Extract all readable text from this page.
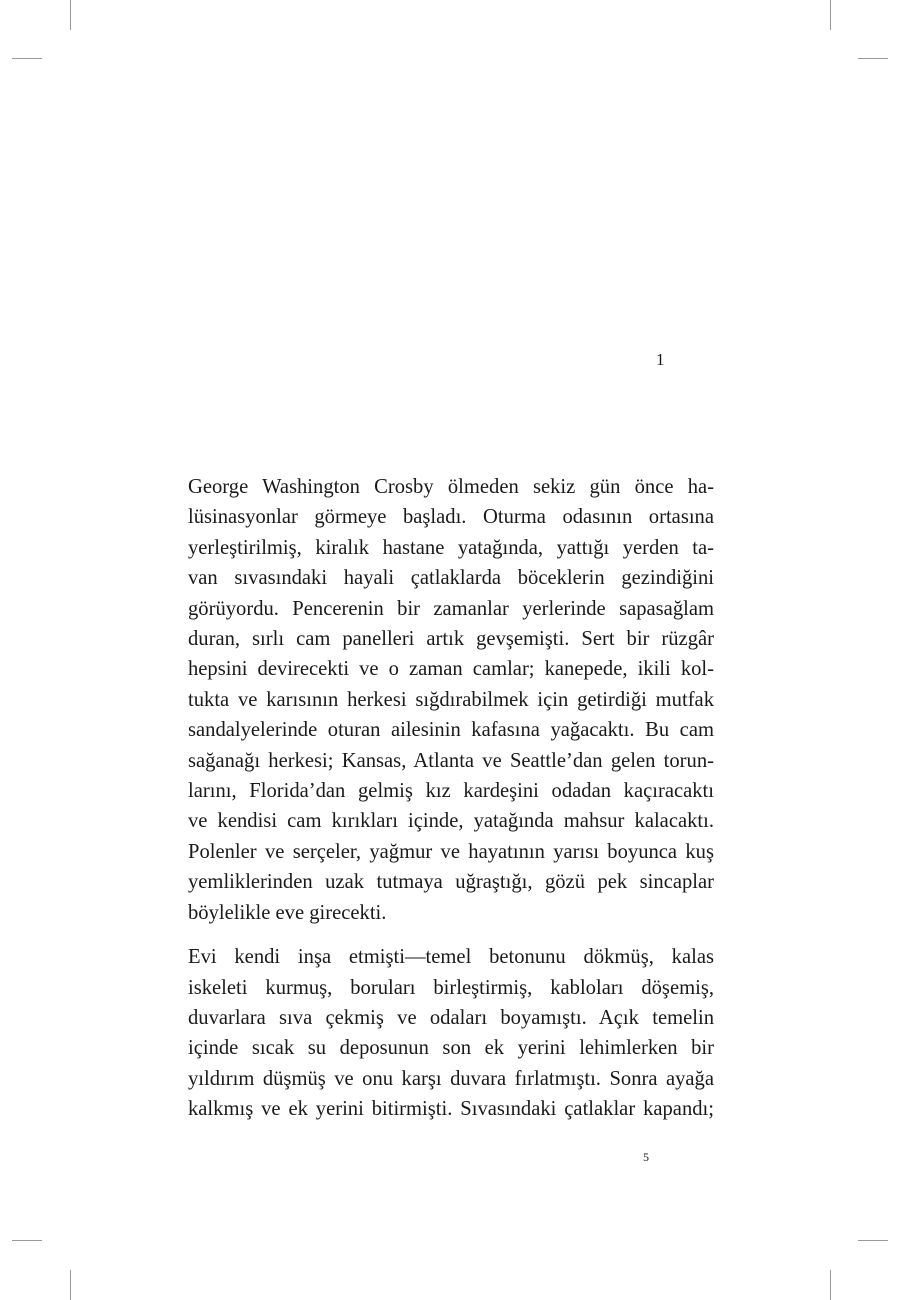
1

George Washington Crosby ölmeden sekiz gün önce ha-
lüsinasyonlar görmeye başladı. Oturma odasının ortasına
yerleştirilmiş, kiralık hastane yatağında, yattığı yerden ta-
van sıvasındaki hayali çatlaklarda böceklerin gezindiğini
görüyordu. Pencerenin bir zamanlar yerlerinde sapasağlam
duran, sırlı cam panelleri artık gevşemişti. Sert bir rüzgâr
hepsini devirecekti ve o zaman camlar; kanepede, ikili kol-
tukta ve karısının herkesi sığdırabilmek için getirdiği mutfak
sandalyelerinde oturan ailesinin kafasına yağacaktı. Bu cam
sağanağı herkesi; Kansas, Atlanta ve Seattle’dan gelen torun-
larını, Florida’dan gelmiş kız kardeşini odadan kaçıracaktı
ve kendisi cam kırıkları içinde, yatağında mahsur kalacaktı.
Polenler ve serçeler, yağmur ve hayatının yarısı boyunca kuş
yemliklerinden uzak tutmaya uğraştığı, gözü pek sincaplar
böylelikle eve girecekti.

Evi kendi inşa etmişti—temel betonunu dökmüş, kalas
iskeleti kurmuş, boruları birleştirmiş, kabloları döşemiş,
duvarlara sıva çekmiş ve odaları boyamıştı. Açık temelin
içinde sıcak su deposunun son ek yerini lehimlerken bir
yıldırım düşmüş ve onu karşı duvara fırlatmıştı. Sonra ayağa
kalkmış ve ek yerini bitirmişti. Sıvasındaki çatlaklar kapandı;

5
